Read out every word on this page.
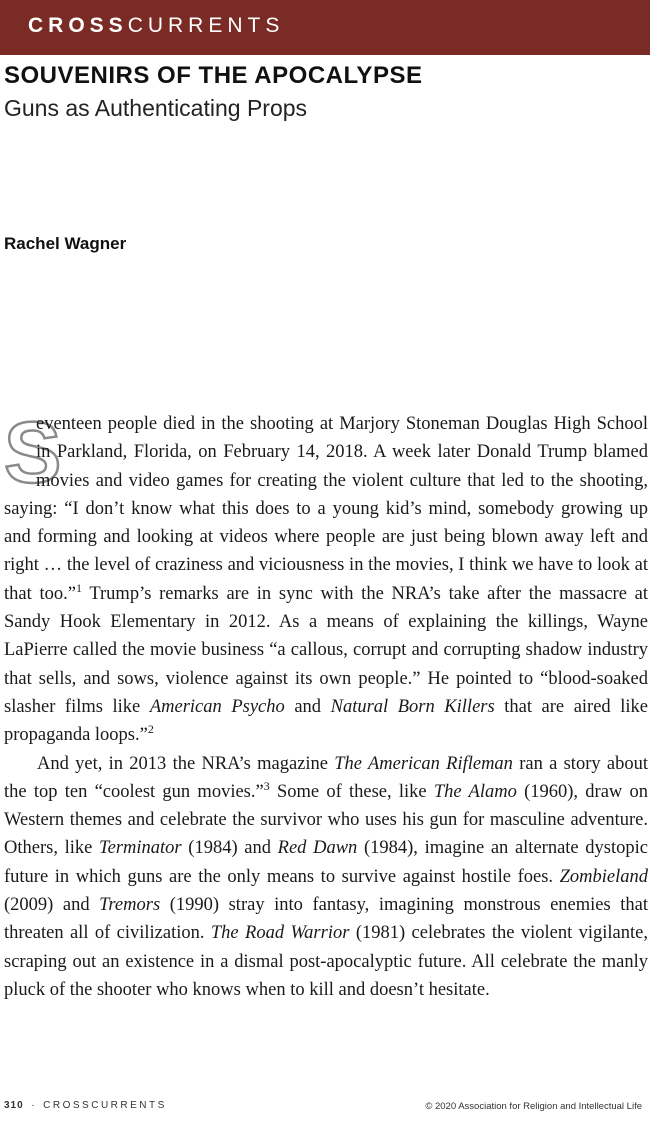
CROSSCURRENTS
SOUVENIRS OF THE APOCALYPSE
Guns as Authenticating Props
Rachel Wagner

S
eventeen people died in the shooting at Marjory Stoneman Douglas High School in Parkland, Florida, on February 14, 2018. A week later Donald Trump blamed movies and video games for creating the violent culture that led to the shooting, saying: “I don’t know what this does to a young kid’s mind, somebody growing up and forming and looking at videos where people are just being blown away left and right … the level of craziness and viciousness in the movies, I think we have to look at that too.”$^1$ Trump’s remarks are in sync with the NRA’s take after the massacre at Sandy Hook Elementary in 2012. As a means of explaining the killings, Wayne LaPierre called the movie business “a callous, corrupt and corrupting shadow industry that sells, and sows, violence against its own people.” He pointed to “blood-soaked slasher films like American Psycho and Natural Born Killers that are aired like propaganda loops.”$^2$

And yet, in 2013 the NRA’s magazine The American Rifleman ran a story about the top ten “coolest gun movies.”$^3$ Some of these, like The Alamo (1960), draw on Western themes and celebrate the survivor who uses his gun for masculine adventure. Others, like Terminator (1984) and Red Dawn (1984), imagine an alternate dystopic future in which guns are the only means to survive against hostile foes. Zombieland (2009) and Tremors (1990) stray into fantasy, imagining monstrous enemies that threaten all of civilization. The Road Warrior (1981) celebrates the violent vigilante, scraping out an existence in a dismal post-apocalyptic future. All celebrate the manly pluck of the shooter who knows when to kill and doesn’t hesitate.

310 · CROSSCURRENTS	© 2020 Association for Religion and Intellectual Life
